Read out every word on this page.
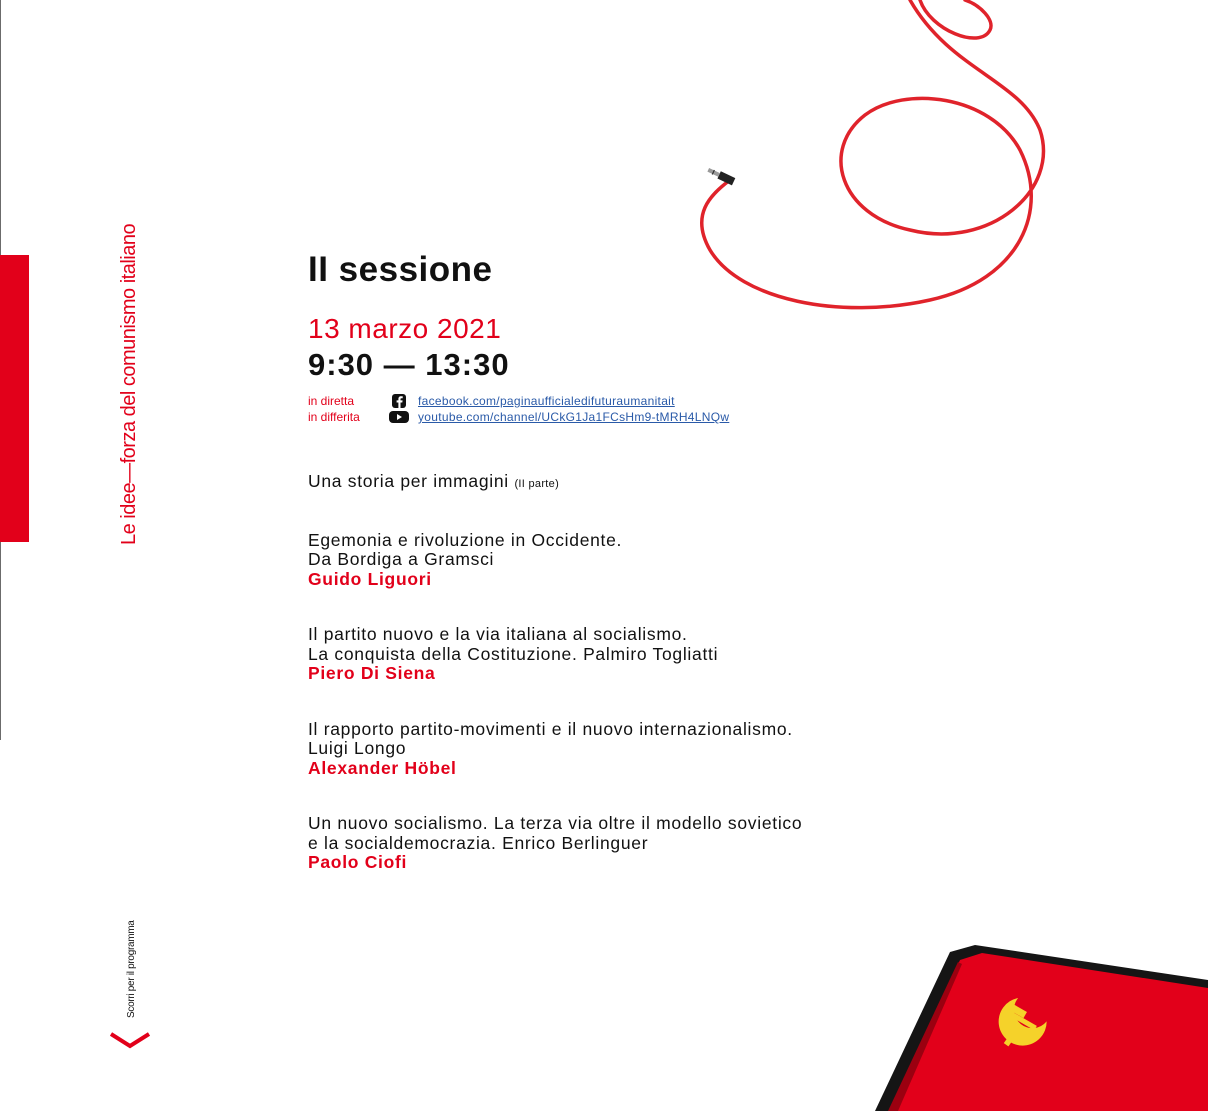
Le idee—forza del comunismo italiano
Scorri per il programma
II sessione
13 marzo 2021
9:30 — 13:30
in diretta	facebook.com/paginaufficialedifuturaumanitait
in differita	youtube.com/channel/UCkG1Ja1FCsHm9-tMRH4LNQw
Una storia per immagini (II parte)
Egemonia e rivoluzione in Occidente.
Da Bordiga a Gramsci
Guido Liguori
Il partito nuovo e la via italiana al socialismo.
La conquista della Costituzione. Palmiro Togliatti
Piero Di Siena
Il rapporto partito-movimenti e il nuovo internazionalismo.
Luigi Longo
Alexander Höbel
Un nuovo socialismo. La terza via oltre il modello sovietico
e la socialdemocrazia. Enrico Berlinguer
Paolo Ciofi
